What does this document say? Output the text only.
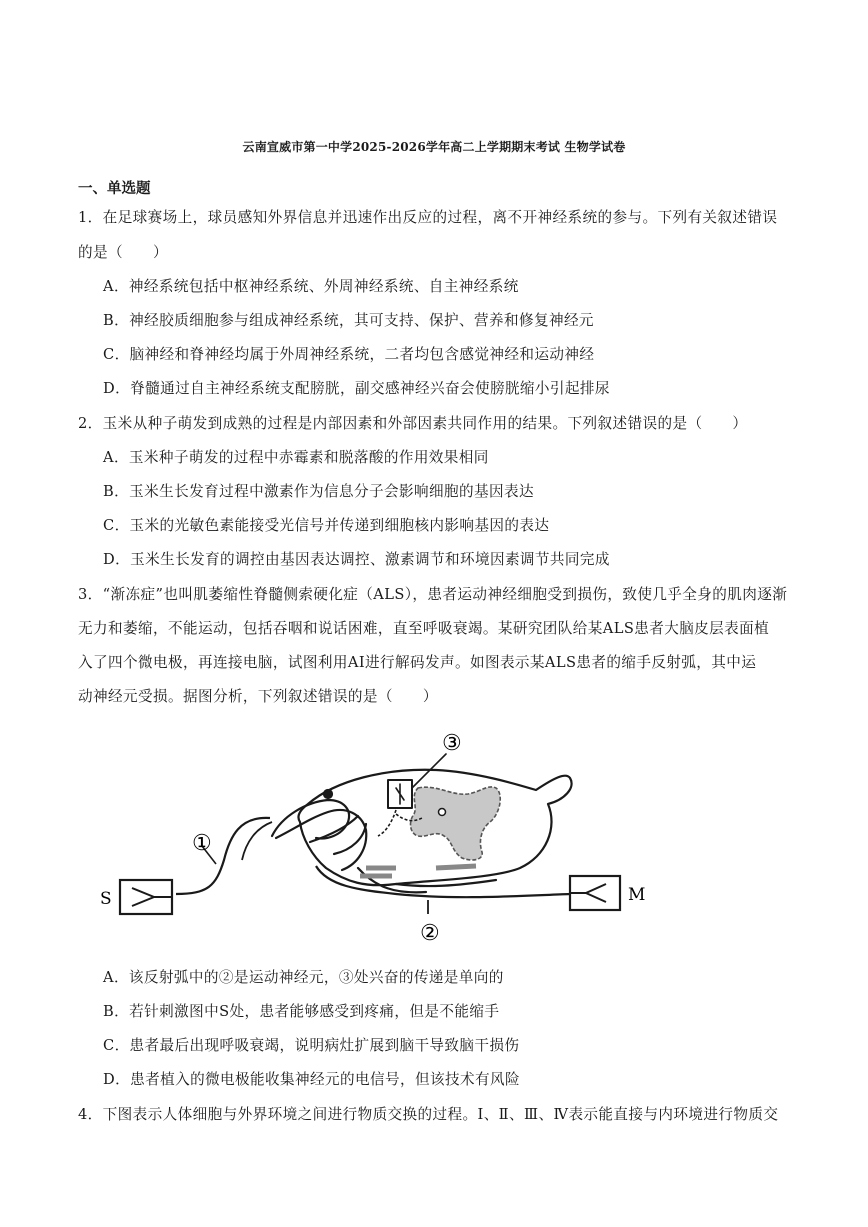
云南宣威市第一中学2025-2026学年高二上学期期末考试 生物学试卷
一、单选题
1．在足球赛场上，球员感知外界信息并迅速作出反应的过程，离不开神经系统的参与。下列有关叙述错误
的是（　　）
A．神经系统包括中枢神经系统、外周神经系统、自主神经系统
B．神经胶质细胞参与组成神经系统，其可支持、保护、营养和修复神经元
C．脑神经和脊神经均属于外周神经系统，二者均包含感觉神经和运动神经
D．脊髓通过自主神经系统支配膀胱，副交感神经兴奋会使膀胱缩小引起排尿
2．玉米从种子萌发到成熟的过程是内部因素和外部因素共同作用的结果。下列叙述错误的是（　　）
A．玉米种子萌发的过程中赤霉素和脱落酸的作用效果相同
B．玉米生长发育过程中激素作为信息分子会影响细胞的基因表达
C．玉米的光敏色素能接受光信号并传递到细胞核内影响基因的表达
D．玉米生长发育的调控由基因表达调控、激素调节和环境因素调节共同完成
3．“渐冻症”也叫肌萎缩性脊髓侧索硬化症（ALS），患者运动神经细胞受到损伤，致使几乎全身的肌肉逐渐
无力和萎缩，不能运动，包括吞咽和说话困难，直至呼吸衰竭。某研究团队给某ALS患者大脑皮层表面植
入了四个微电极，再连接电脑，试图利用AI进行解码发声。如图表示某ALS患者的缩手反射弧，其中运
动神经元受损。据图分析，下列叙述错误的是（　　）
①
②
③
S	M
A．该反射弧中的②是运动神经元，③处兴奋的传递是单向的
B．若针刺激图中S处，患者能够感受到疼痛，但是不能缩手
C．患者最后出现呼吸衰竭，说明病灶扩展到脑干导致脑干损伤
D．患者植入的微电极能收集神经元的电信号，但该技术有风险
4．下图表示人体细胞与外界环境之间进行物质交换的过程。Ⅰ、Ⅱ、Ⅲ、Ⅳ表示能直接与内环境进行物质交
